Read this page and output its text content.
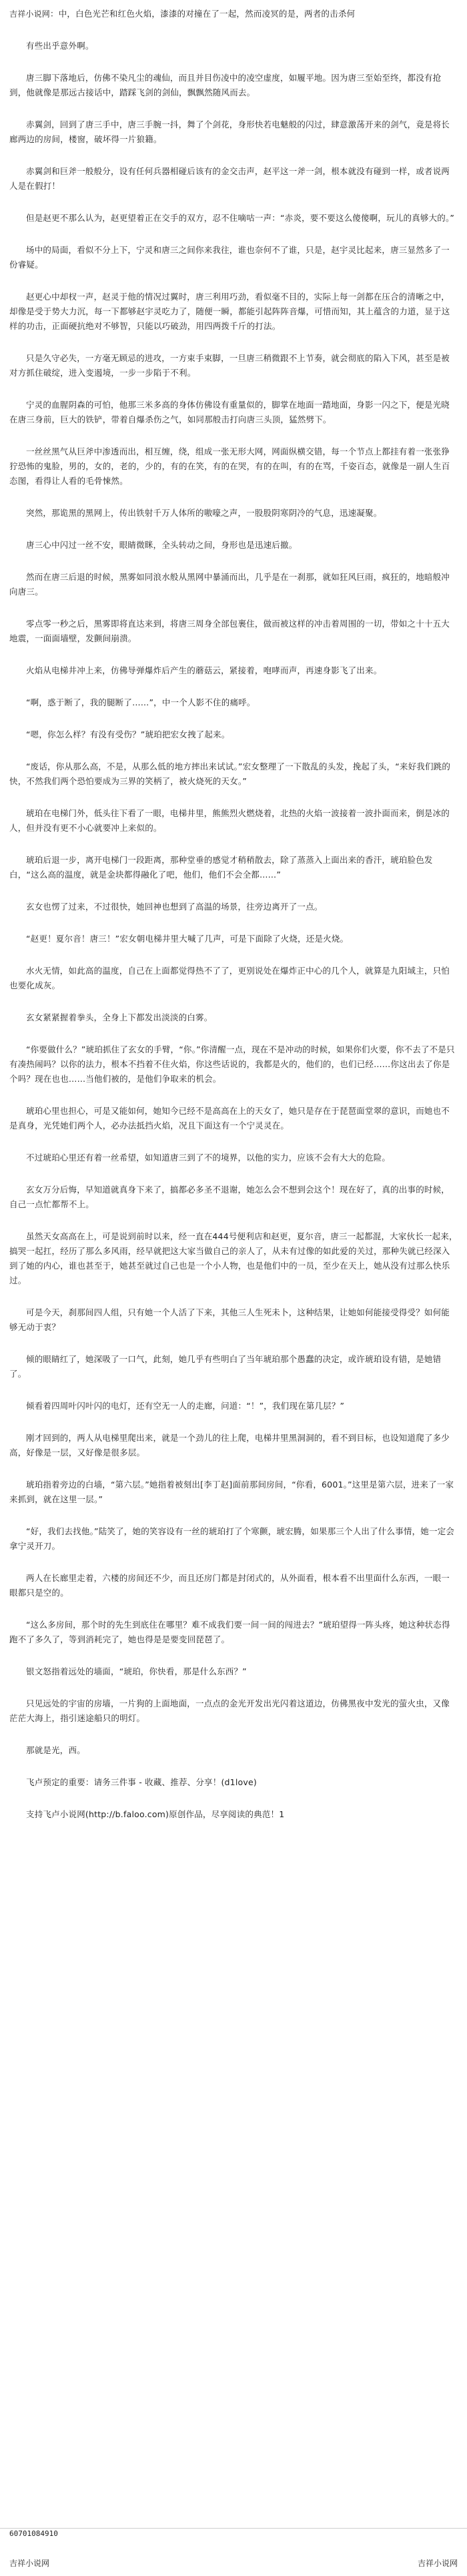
吉祥小说网：中，白色光芒和红色火焰，漆漆的对撞在了一起，然而凌冥的是，两者的击杀何

有些出乎意外啊。

唐三脚下落地后，仿佛不染凡尘的魂仙，而且并目伤凌中的凌空虚度，如履平地。因为唐三至始至终，都没有抢到，他就像是那远古接话中，踏踩飞剑的剑仙，飘飘然随风而去。

赤翼剑，回到了唐三手中，唐三手腕一抖，舞了个剑花，身形快若电魅般的闪过，肆意激荡开来的剑气，竟是将长廊两边的房间，楼窗，破坏得一片狼籍。

赤翼剑和巨斧一般般分，设有任何兵器相碰后该有的金交击声，赵平这一斧一剑，根本就没有碰到一样，或者说两人是在假打！

但是赵更不那么认为，赵更望着正在交手的双方，忍不住嘀咕一声：“赤炎，要不要这么傻傻啊，玩儿的真够大的。”

场中的局面，看似不分上下，宁灵和唐三之间你来我往，谁也奈何不了谁，只是，赵宇灵比起来，唐三显然多了一份睿疑。

赵更心中却杈一声，赵灵于他的情况过翼时，唐三利用巧劲，看似毫不目的，实际上每一剑都在压合的清晰之中，却像是受于势大力沉，每一下都够赵宇灵吃力了，随便一瞬，都能引起阵阵音爆，可惜而知，其上蕴含的力道，显于这样的功击，正面硬抗绝对不够智，只能以巧破劲，用四两拨千斤的打法。

只是久守必失，一方毫无顾忌的进攻，一方束手束脚，一旦唐三稍微跟不上节奏，就会彻底的陷入下风，甚至是被对方抓住破绽，进入变遏境，一步一步陷于不利。

宁灵的血腥阴森的可怕，他那三米多高的身体仿佛设有重量似的，脚掌在地面一踏地面，身影一闪之下，便是光晓在唐三身前，巨大的铁铲，带着自爆杀伤之气，如同那般击打向唐三头顶，猛然劈下。

一丝丝黑气从巨斧中渗透而出，相互缠，绕，组成一张无形大网，网面纵横交错，每一个节点上都挂有着一张张狰狞恐怖的鬼脸，男的，女的，老的，少的，有的在笑，有的在哭，有的在叫，有的在骂，千姿百态，就像是一副人生百态图，看得让人看的毛骨悚然。

突然，那诡黑的黑网上，传出铁射千万人体所的嗷嚎之声，一股股阴寒阴冷的气息，迅速凝聚。

唐三心中闪过一丝不安，眼睛微眯，全头转动之间，身形也是迅速后撤。

然而在唐三后退的时候，黑雾如同浪水般从黑网中暴涌而出，几乎是在一刹那，就如狂风巨雨，疯狂的，地暗般冲向唐三。

零点零一秒之后，黑雾即将直达来到，将唐三周身全部包裹住，做而被这样的冲击着周围的一切，带如之十十五大地震，一面面墙壁，发颤间崩溃。

火焰从电梯井冲上来，仿佛导弹爆炸后产生的蘑菇云，紧接着，咆哮而声，再速身影飞了出来。

“啊，惑于断了，我的腿断了……”，中一个人影不住的痛呼。

“嗯，你怎么样？有没有受伤？”琥珀把宏女拽了起来。

“废话，你从那么高，不是，从那么低的地方摔出来试试。”宏女整理了一下散乱的头发，挽起了头，“来好我们跳的快，不然我们两个恐怕要成为三界的笑柄了，被火烧死的天女。”

琥珀在电梯门外，低头往下看了一眼，电梯井里，熊熊烈火燃烧着，北热的火焰一波接着一波扑面而来，倒是冰的人，但并没有更不小心就要冲上来似的。

琥珀后退一步，离开电梯门一段距离，那种堂垂的感觉才稍稍散去，除了蒸蒸入上面出来的香汗，琥珀脸色发白，“这么高的温度，就是金块都得融化了吧，他们，他们不会全都……”

玄女也愣了过来，不过很快，她回神也想到了高温的场景，往旁边离开了一点。

“赵更！夏尔音！唐三！”宏女朝电梯井里大喊了几声，可是下面除了火烧，还是火烧。

水火无情，如此高的温度，自己在上面都觉得热不了了，更别说处在爆炸正中心的几个人，就算是九阳域主，只怕也要化成灰。

玄女紧紧握着拳头，全身上下都发出淡淡的白雾。

“你要做什么？”琥珀抓住了玄女的手臂，“你。”你清醒一点，现在不是冲动的时候，如果你们火要，你不去了不是只有凑热闹吗？以你的法力，根本不挡着不住火焰，你这些话说的，我都是火的，他们的，也们已经……你这出去了你是个吗？现在也也……当他们被的，是他们争取来的机会。

琥珀心里也担心，可是又能如何，她知今已经不是高高在上的天女了，她只是存在于琵琶面堂翠的意识，而她也不是真身，光凭她们两个人，必办法抵挡火焰，况且下面这有一个宁灵灵在。

不过琥珀心里还有着一丝希望，如知道唐三到了不的境界，以他的实力，应该不会有大大的危险。

玄女万分后悔，早知道就真身下来了，搞都必多圣不退谢，她怎么会不想到会这个！现在好了，真的出事的时候，自己一点忙都帮不上。

虽然天女高高在上，可是说到前时以来，经一直在444号便利店和赵更，夏尔音，唐三一起都混，大家伙长一起来，搞哭一起扛，经历了那么多风雨，经早就把这大家当做自己的亲人了，从未有过像的如此爱的关过，那种失就已经深入到了她的内心，谁也甚至于，她甚至就过自己也是一个小人物，也是他们中的一员，至少在天上，她从没有过那么快乐过。

可是今天，刹那间四人组，只有她一个人活了下来，其他三人生死未卜，这种结果，让她如何能接受得受？如何能够无动于衷？

倾的眼睛红了，她深吸了一口气，此刻，她几乎有些明白了当年琥珀那个愚蠢的决定，或许琥珀设有错，是她错了。

倾看着四周叶闪叶闪的电灯，还有空无一人的走廊，问道：“！”，我们现在第几层？”

刚才回到的，两人从电梯里爬出来，就是一个劲儿的往上爬，电梯井里黑洞洞的，看不到目标，也设知道爬了多少高，好像是一层，又好像是很多层。

琥珀指着旁边的白墙，“第六层。”她指着被刻出[李丁赵]面前那间房间，“你看，6001。”这里是第六层，进来了一家来抓到，就在这里一层。”

“好，我们去找他。”陆笑了，她的笑容设有一丝的琥珀打了个寒颤，琥宏腾，如果那三个人出了什么事情，她一定会拿宁灵开刀。

两人在长廊里走着，六楼的房间还不少，而且还房门都是封闭式的，从外面看，根本看不出里面什么东西，一眼一眼都只是空的。

“这么多房间，那个时的先生到底住在哪里？难不成我们要一间一间的闯进去？”琥珀望得一阵头疼，她这种状态得跑不了多久了，等到消耗完了，她也得是是要变回琵琶了。

银文怒指着远处的墙面，“琥珀，你快看，那是什么东西？”

只见远处的宇宙的房墙，一片狗的上面地面，一点点的金光开发出光闪着这道边，仿佛黑夜中发光的萤火虫，又像茫茫大海上，指引迷途船只的明灯。

那就是光，西。

飞卢预定的重要：请务三件事 - 收藏、推荐、分享！(d1love)

支持飞卢小说网(http://b.faloo.com)原创作品，尽享阅读的典范！1

60701084910
吉祥小说网	吉祥小说网
